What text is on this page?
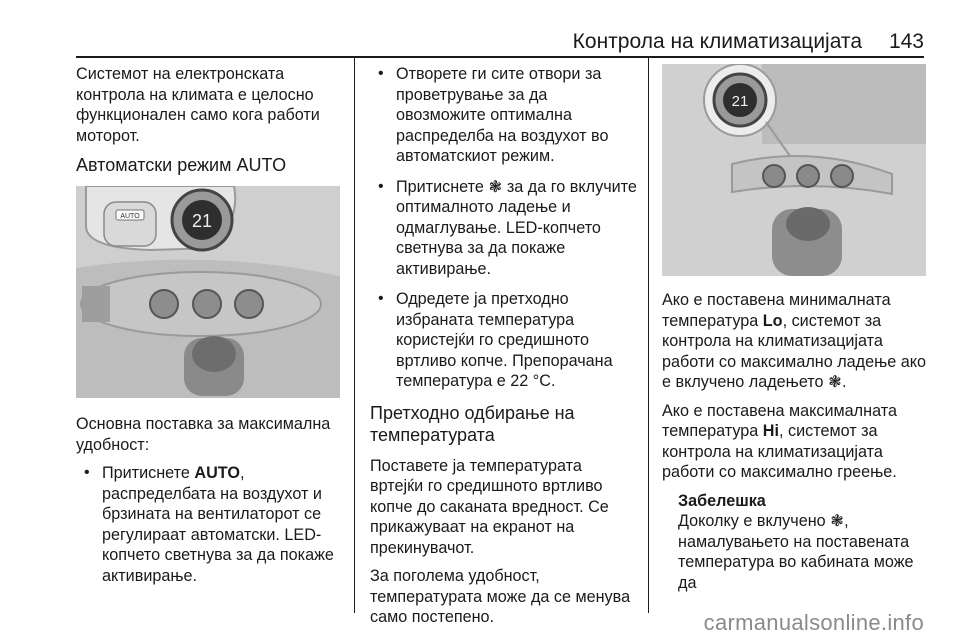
Контрола на климатизацијата 143

Системот на електронската контрола на климата е целосно функционален само кога работи моторот.

Автоматски режим AUTO
AUTO	21

Основна поставка за максимална удобност:

• Притиснете AUTO, распределбата на воздухот и брзината на вентилаторот се регулираат автоматски. LED-копчето светнува за да покаже активирање.
• Отворете ги сите отвори за проветрување за да овозможите оптимална распределба на воздухот во автоматскиот режим.
• Притиснете ❃ за да го вклучите оптималното ладење и одмаглување. LED-копчето светнува за да покаже активирање.
• Одредете ја претходно избраната температура користејќи го средишното вртливо копче. Препорачана температура е 22 °C.
Претходно одбирање на температурата

Поставете ја температурата вртејќи го средишното вртливо копче до саканата вредност. Се прикажуваат на екранот на прекинувачот.

За поголема удобност, температурата може да се менува само постепено.

21

Ако е поставена минималната температура Lo, системот за контрола на климатизацијата работи со максимално ладење ако е вклучено ладењето ❃.

Ако е поставена максималната температура Hi, системот за контрола на климатизацијата работи со максимално греење.

Забелешка
Доколку е вклучено ❃, намалувањето на поставената температура во кабината може да
carmanualsonline.info
